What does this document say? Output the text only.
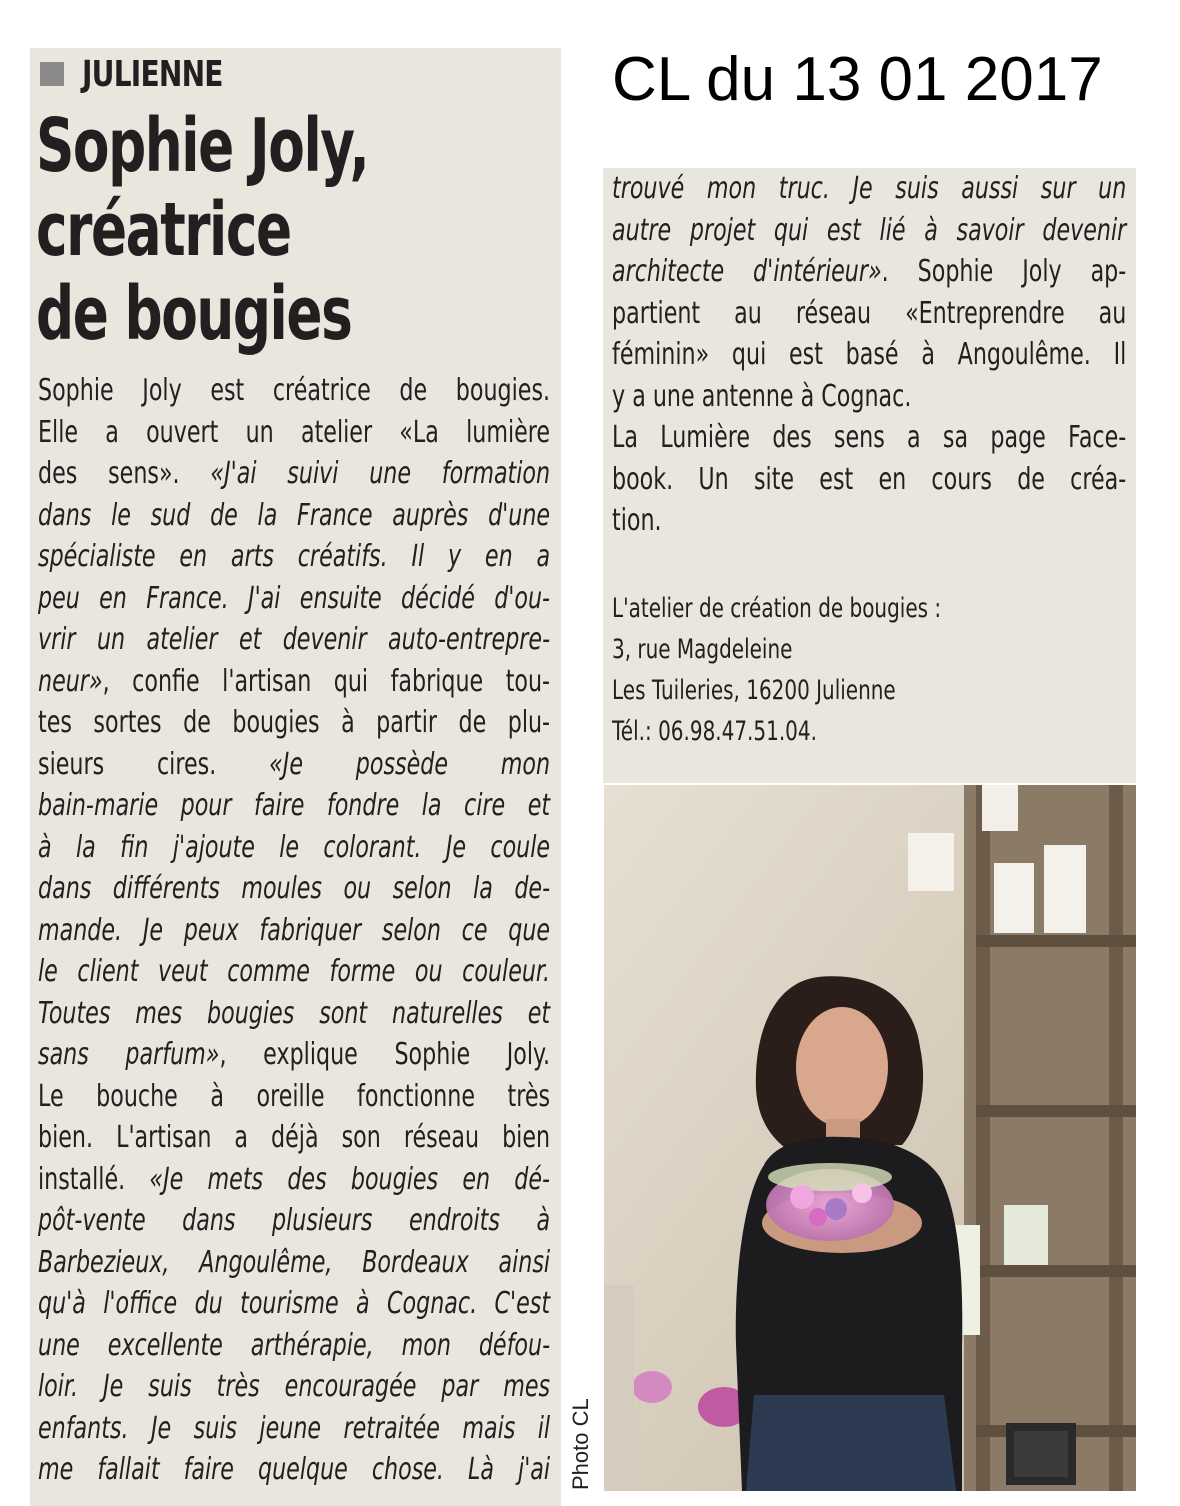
JULIENNE
Sophie Joly,
créatrice
de bougies
CL du 13 01 2017
Sophie Joly est créatrice de bougies.
Elle a ouvert un atelier «La lumière
des sens». «J'ai suivi une formation
dans le sud de la France auprès d'une
spécialiste en arts créatifs. Il y en a
peu en France. J'ai ensuite décidé d'ou-
vrir un atelier et devenir auto-entrepre-
neur», confie l'artisan qui fabrique tou-
tes sortes de bougies à partir de plu-
sieurs cires. «Je possède mon
bain-marie pour faire fondre la cire et
à la fin j'ajoute le colorant. Je coule
dans différents moules ou selon la de-
mande. Je peux fabriquer selon ce que
le client veut comme forme ou couleur.
Toutes mes bougies sont naturelles et
sans parfum», explique Sophie Joly.
Le bouche à oreille fonctionne très
bien. L'artisan a déjà son réseau bien
installé. «Je mets des bougies en dé-
pôt-vente dans plusieurs endroits à
Barbezieux, Angoulême, Bordeaux ainsi
qu'à l'office du tourisme à Cognac. C'est
une excellente arthérapie, mon défou-
loir. Je suis très encouragée par mes
enfants. Je suis jeune retraitée mais il
me fallait faire quelque chose. Là j'ai
trouvé mon truc. Je suis aussi sur un
autre projet qui est lié à savoir devenir
architecte d'intérieur». Sophie Joly ap-
partient au réseau «Entreprendre au
féminin» qui est basé à Angoulême. Il
y a une antenne à Cognac.
La Lumière des sens a sa page Face-
book. Un site est en cours de créa-
tion.
L'atelier de création de bougies :
3, rue Magdeleine
Les Tuileries, 16200 Julienne
Tél.: 06.98.47.51.04.
Photo CL
